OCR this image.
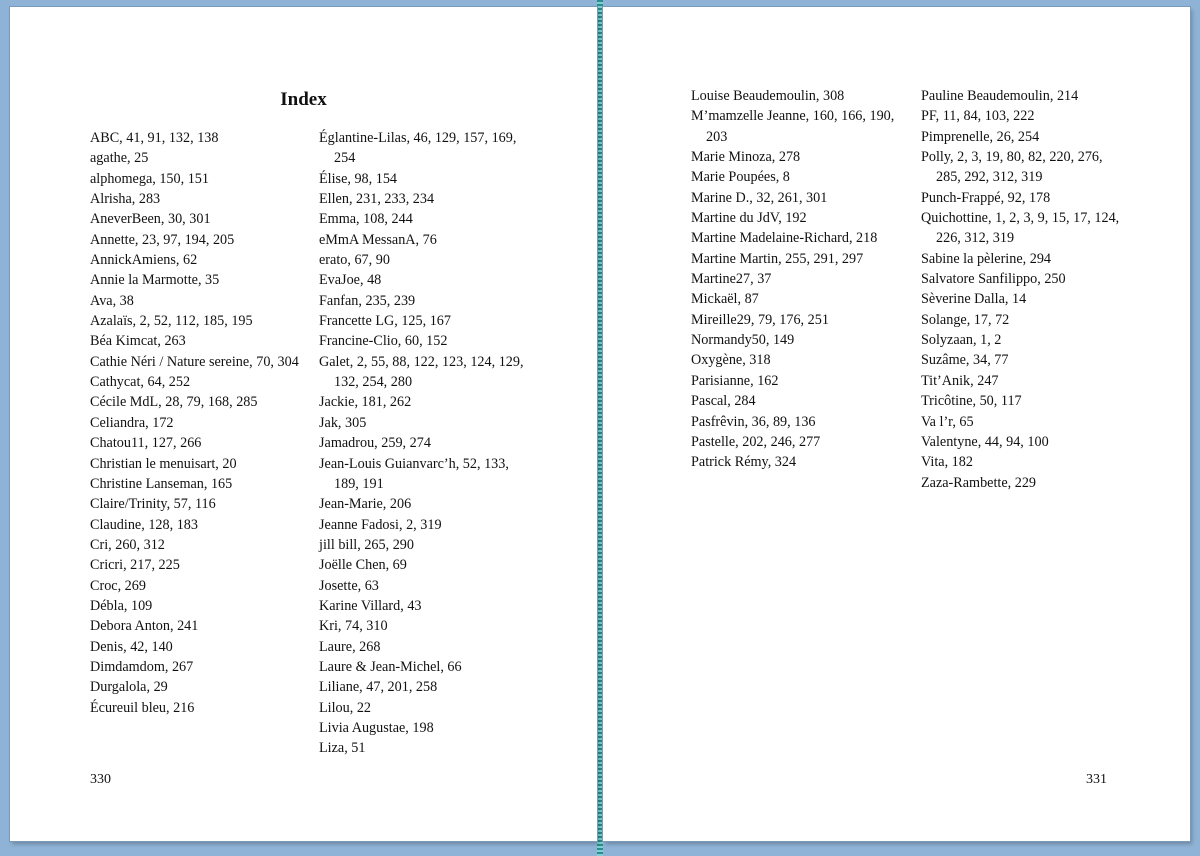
Index
ABC, 41, 91, 132, 138
agathe, 25
alphomega, 150, 151
Alrisha, 283
AneverBeen, 30, 301
Annette, 23, 97, 194, 205
AnnickAmiens, 62
Annie la Marmotte, 35
Ava, 38
Azalaïs, 2, 52, 112, 185, 195
Béa Kimcat, 263
Cathie Néri / Nature sereine, 70, 304
Cathycat, 64, 252
Cécile MdL, 28, 79, 168, 285
Celiandra, 172
Chatou11, 127, 266
Christian le menuisart, 20
Christine Lanseman, 165
Claire/Trinity, 57, 116
Claudine, 128, 183
Cri, 260, 312
Cricri, 217, 225
Croc, 269
Débla, 109
Debora Anton, 241
Denis, 42, 140
Dimdamdom, 267
Durgalola, 29
Écureuil bleu, 216
Églantine-Lilas, 46, 129, 157, 169, 254
Élise, 98, 154
Ellen, 231, 233, 234
Emma, 108, 244
eMmA MessanA, 76
erato, 67, 90
EvaJoe, 48
Fanfan, 235, 239
Francette LG, 125, 167
Francine-Clio, 60, 152
Galet, 2, 55, 88, 122, 123, 124, 129, 132, 254, 280
Jackie, 181, 262
Jak, 305
Jamadrou, 259, 274
Jean-Louis Guianvarc’h, 52, 133, 189, 191
Jean-Marie, 206
Jeanne Fadosi, 2, 319
jill bill, 265, 290
Joëlle Chen, 69
Josette, 63
Karine Villard, 43
Kri, 74, 310
Laure, 268
Laure & Jean-Michel, 66
Liliane, 47, 201, 258
Lilou, 22
Livia Augustae, 198
Liza, 51
330
Louise Beaudemoulin, 308
M’mamzelle Jeanne, 160, 166, 190, 203
Marie Minoza, 278
Marie Poupées, 8
Marine D., 32, 261, 301
Martine du JdV, 192
Martine Madelaine-Richard, 218
Martine Martin, 255, 291, 297
Martine27, 37
Mickaël, 87
Mireille29, 79, 176, 251
Normandy50, 149
Oxygène, 318
Parisianne, 162
Pascal, 284
Pasfrêvin, 36, 89, 136
Pastelle, 202, 246, 277
Patrick Rémy, 324
Pauline Beaudemoulin, 214
PF, 11, 84, 103, 222
Pimprenelle, 26, 254
Polly, 2, 3, 19, 80, 82, 220, 276, 285, 292, 312, 319
Punch-Frappé, 92, 178
Quichottine, 1, 2, 3, 9, 15, 17, 124, 226, 312, 319
Sabine la pèlerine, 294
Salvatore Sanfilippo, 250
Sèverine Dalla, 14
Solange, 17, 72
Solyzaan, 1, 2
Suzâme, 34, 77
Tit’Anik, 247
Tricôtine, 50, 117
Va l’r, 65
Valentyne, 44, 94, 100
Vita, 182
Zaza-Rambette, 229
331
